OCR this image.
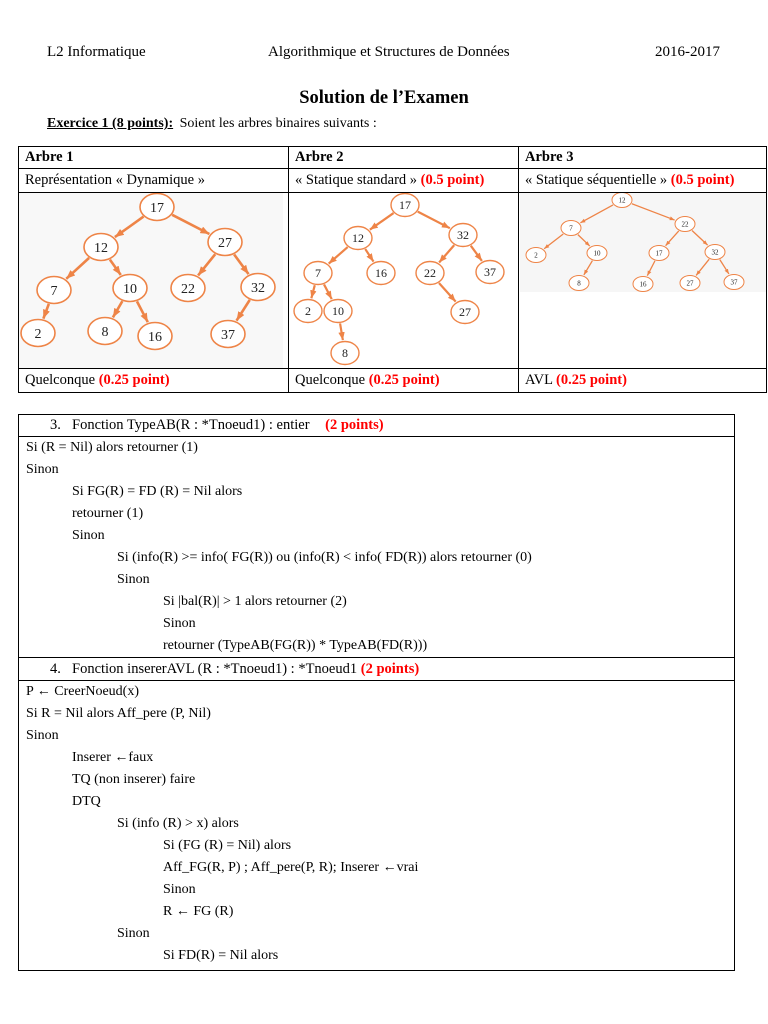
L2 Informatique	Algorithmique et Structures de Données	2016-2017
Solution de l’Examen
Exercice 1 (8 points): Soient les arbres binaires suivants :
Arbre 1	Arbre 2	Arbre 3
Représentation « Dynamique »	« Statique standard » (0.5 point)	« Statique séquentielle » (0.5 point)
17
12
7
2
10
8	16
27
22	32
37
17
12
7
2 10
8
16
32
22
27
37
12
7
2	10
8
22
17
16
32
27	37
Quelconque (0.25 point)	Quelconque (0.25 point)	AVL (0.25 point)
3. Fonction TypeAB(R : *Tnoeud1) : entier (2 points)
Si (R = Nil) alors retourner (1)
Sinon
Si FG(R) = FD (R) = Nil alors
retourner (1)
Sinon
Si (info(R) >= info( FG(R)) ou (info(R) < info( FD(R)) alors retourner (0)
Sinon
Si |bal(R)| > 1 alors retourner (2)
Sinon
retourner (TypeAB(FG(R)) * TypeAB(FD(R)))
4. Fonction insererAVL (R : *Tnoeud1) : *Tnoeud1 (2 points)
P ← CreerNoeud(x)
Si R = Nil alors Aff_pere (P, Nil)
Sinon
Inserer ←faux
TQ (non inserer) faire
DTQ
Si (info (R) > x) alors
Si (FG (R) = Nil) alors
Aff_FG(R, P) ; Aff_pere(P, R); Inserer ←vrai
Sinon
R ← FG (R)
Sinon
Si FD(R) = Nil alors
